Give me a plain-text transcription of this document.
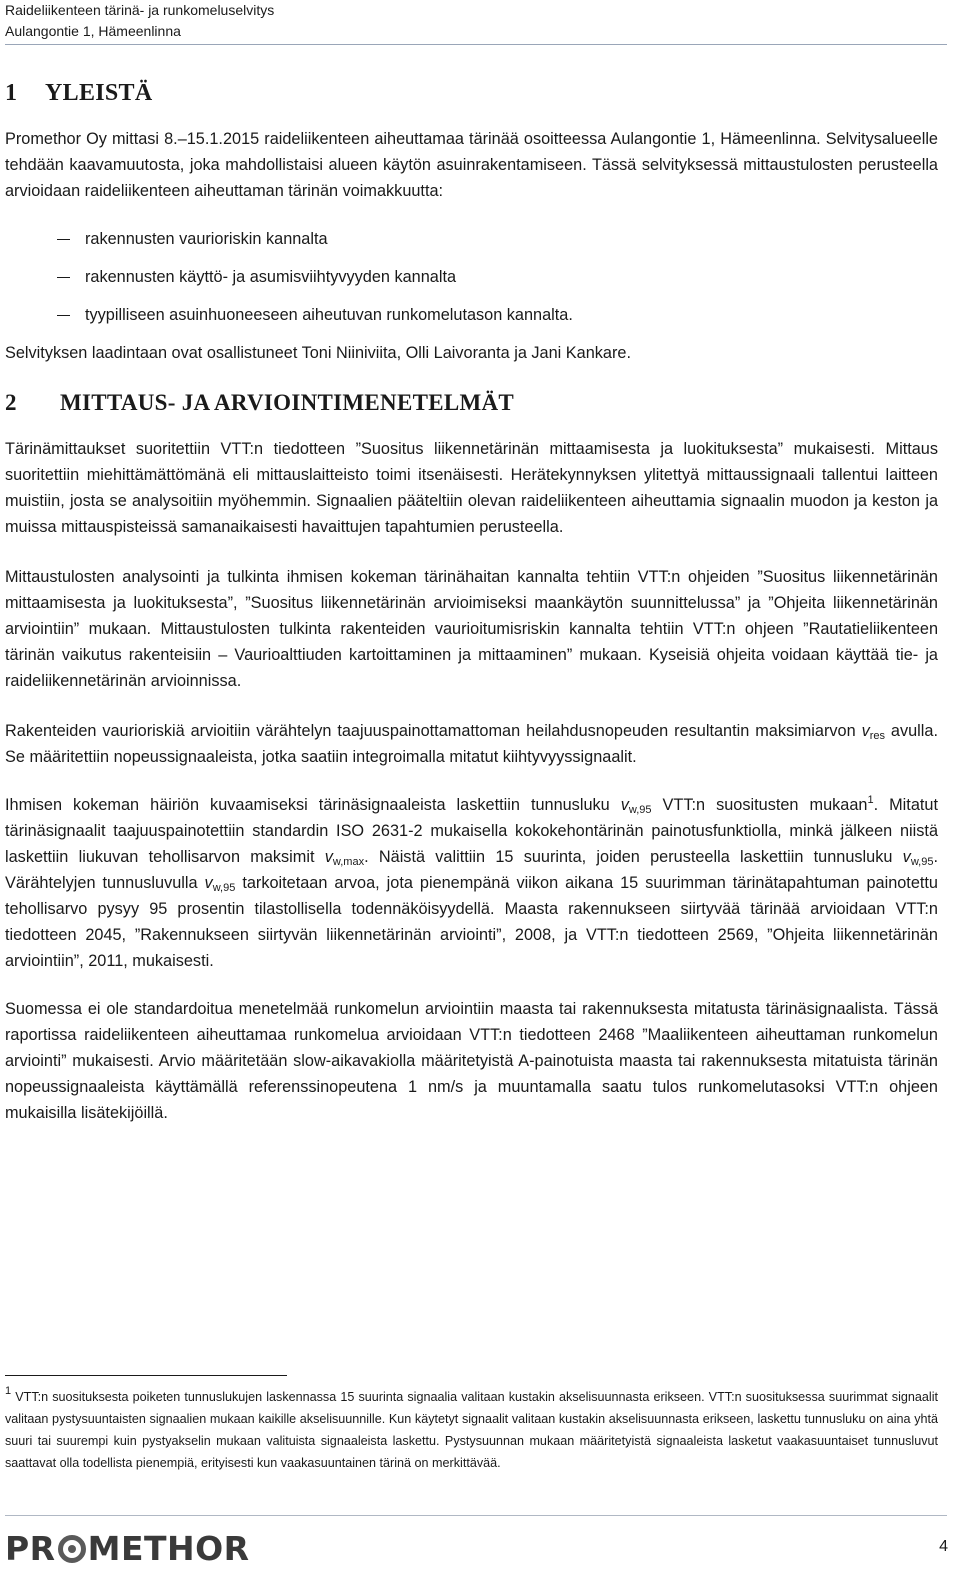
Raideliikenteen tärinä- ja runkomeluselvitys
Aulangontie 1, Hämeenlinna
1 YLEISTÄ

Promethor Oy mittasi 8.–15.1.2015 raideliikenteen aiheuttamaa tärinää osoitteessa Aulangontie 1, Hämeenlinna. Selvitysalueelle tehdään kaavamuutosta, joka mahdollistaisi alueen käytön asuinrakentamiseen. Tässä selvityksessä mittaustulosten perusteella arvioidaan raideliikenteen aiheuttaman tärinän voimakkuutta:

rakennusten vaurioriskin kannalta
rakennusten käyttö- ja asumisviihtyvyyden kannalta
tyypilliseen asuinhuoneeseen aiheutuvan runkomelutason kannalta.

Selvityksen laadintaan ovat osallistuneet Toni Niiniviita, Olli Laivoranta ja Jani Kankare.

2 MITTAUS- JA ARVIOINTIMENETELMÄT

Tärinämittaukset suoritettiin VTT:n tiedotteen ”Suositus liikennetärinän mittaamisesta ja luokituksesta” mukaisesti. Mittaus suoritettiin miehittämättömänä eli mittauslaitteisto toimi itsenäisesti. Herätekynnyksen ylitettyä mittaussignaali tallentui laitteen muistiin, josta se analysoitiin myöhemmin. Signaalien pääteltiin olevan raideliikenteen aiheuttamia signaalin muodon ja keston ja muissa mittauspisteissä samanaikaisesti havaittujen tapahtumien perusteella.

Mittaustulosten analysointi ja tulkinta ihmisen kokeman tärinähaitan kannalta tehtiin VTT:n ohjeiden ”Suositus liikennetärinän mittaamisesta ja luokituksesta”, ”Suositus liikennetärinän arvioimiseksi maankäytön suunnittelussa” ja ”Ohjeita liikennetärinän arviointiin” mukaan. Mittaustulosten tulkinta rakenteiden vaurioitumisriskin kannalta tehtiin VTT:n ohjeen ”Rautatieliikenteen tärinän vaikutus rakenteisiin – Vaurioalttiuden kartoittaminen ja mittaaminen” mukaan. Kyseisiä ohjeita voidaan käyttää tie- ja raideliikennetärinän arvioinnissa.

Rakenteiden vaurioriskiä arvioitiin värähtelyn taajuuspainottamattoman heilahdusnopeuden resultantin maksimiarvon $v_{res}$ avulla. Se määritettiin nopeussignaaleista, jotka saatiin integroimalla mitatut kiihtyvyyssignaalit.

Ihmisen kokeman häiriön kuvaamiseksi tärinäsignaaleista laskettiin tunnusluku $v_{w,95}$ VTT:n suositusten mukaan$^1$. Mitatut tärinäsignaalit taajuuspainotettiin standardin ISO 2631-2 mukaisella kokokehontärinän painotusfunktiolla, minkä jälkeen niistä laskettiin liukuvan tehollisarvon maksimit $v_{w,max}$. Näistä valittiin 15 suurinta, joiden perusteella laskettiin tunnusluku $v_{w,95}$. Värähtelyjen tunnusluvulla $v_{w,95}$ tarkoitetaan arvoa, jota pienempänä viikon aikana 15 suurimman tärinätapahtuman painotettu tehollisarvo pysyy 95 prosentin tilastollisella todennäköisyydellä. Maasta rakennukseen siirtyvää tärinää arvioidaan VTT:n tiedotteen 2045, ”Rakennukseen siirtyvän liikennetärinän arviointi”, 2008, ja VTT:n tiedotteen 2569, ”Ohjeita liikennetärinän arviointiin”, 2011, mukaisesti.

Suomessa ei ole standardoitua menetelmää runkomelun arviointiin maasta tai rakennuksesta mitatusta tärinäsignaalista. Tässä raportissa raideliikenteen aiheuttamaa runkomelua arvioidaan VTT:n tiedotteen 2468 ”Maaliikenteen aiheuttaman runkomelun arviointi” mukaisesti. Arvio määritetään slow-aikavakiolla määritetyistä A-painotuista maasta tai rakennuksesta mitatuista tärinän nopeussignaaleista käyttämällä referenssinopeutena 1 nm/s ja muuntamalla saatu tulos runkomelutasoksi VTT:n ohjeen mukaisilla lisätekijöillä.

$^1$ VTT:n suosituksesta poiketen tunnuslukujen laskennassa 15 suurinta signaalia valitaan kustakin akselisuunnasta erikseen. VTT:n suosituksessa suurimmat signaalit valitaan pystysuuntaisten signaalien mukaan kaikille akselisuunnille. Kun käytetyt signaalit valitaan kustakin akselisuunnasta erikseen, laskettu tunnusluku on aina yhtä suuri tai suurempi kuin pystyakselin mukaan valituista signaaleista laskettu. Pystysuunnan mukaan määritetyistä signaaleista lasketut vaakasuuntaiset tunnusluvut saattavat olla todellista pienempiä, erityisesti kun vaakasuuntainen tärinä on merkittävää.
PR METHOR	4
